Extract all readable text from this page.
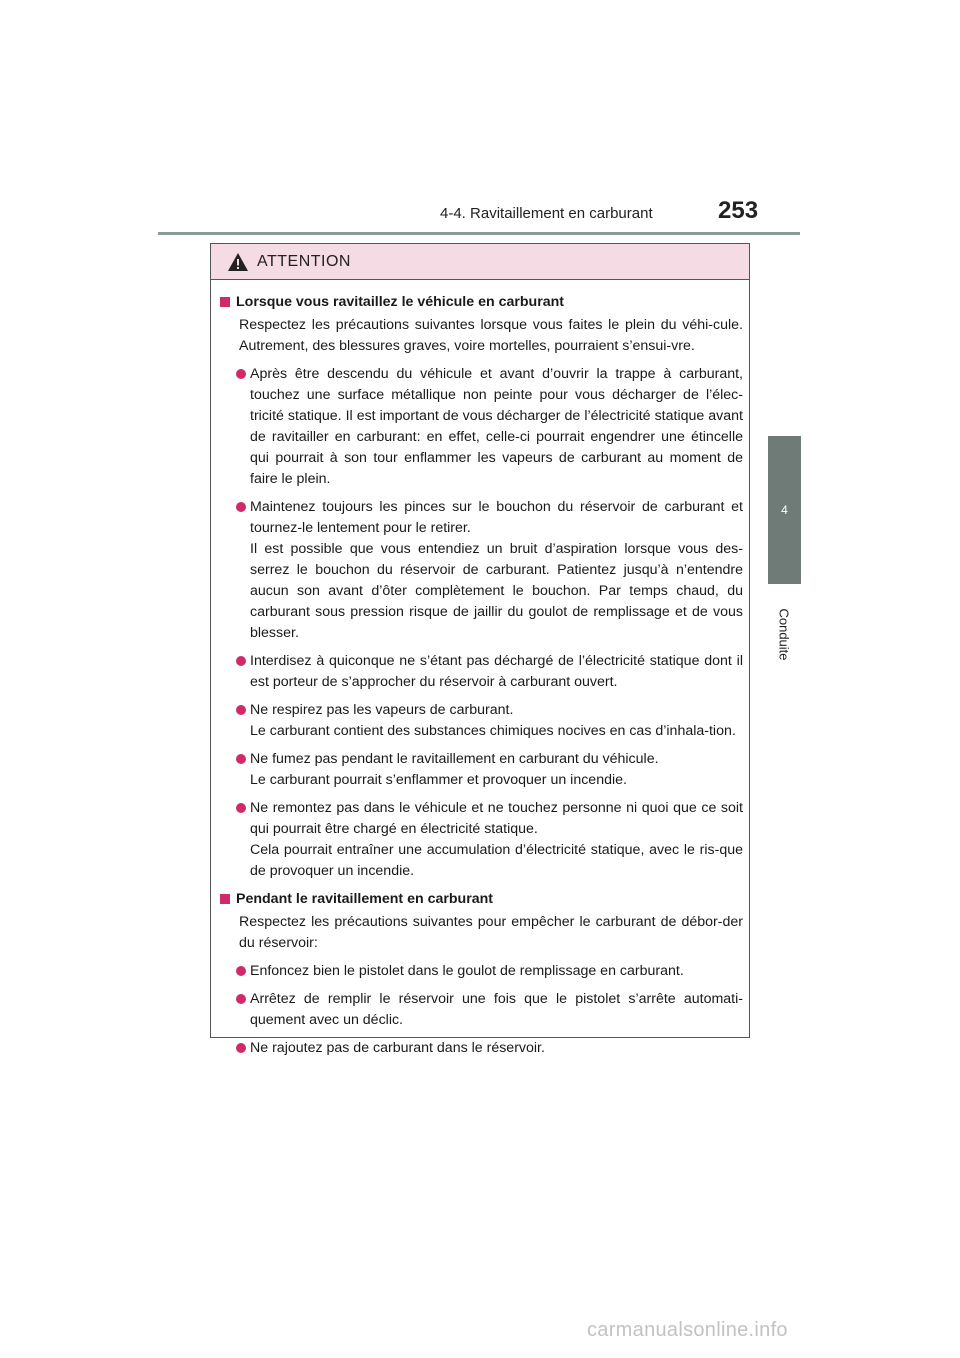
4-4. Ravitaillement en carburant	253
4
Conduite
ATTENTION
Lorsque vous ravitaillez le véhicule en carburant

Respectez les précautions suivantes lorsque vous faites le plein du véhi-cule. Autrement, des blessures graves, voire mortelles, pourraient s’ensui-vre.

Après être descendu du véhicule et avant d’ouvrir la trappe à carburant, touchez une surface métallique non peinte pour vous décharger de l’élec-tricité statique. Il est important de vous décharger de l’électricité statique avant de ravitailler en carburant: en effet, celle-ci pourrait engendrer une étincelle qui pourrait à son tour enflammer les vapeurs de carburant au moment de faire le plein.

Maintenez toujours les pinces sur le bouchon du réservoir de carburant et tournez-le lentement pour le retirer.

Il est possible que vous entendiez un bruit d’aspiration lorsque vous des-serrez le bouchon du réservoir de carburant. Patientez jusqu’à n’entendre aucun son avant d’ôter complètement le bouchon. Par temps chaud, du carburant sous pression risque de jaillir du goulot de remplissage et de vous blesser.

Interdisez à quiconque ne s’étant pas déchargé de l’électricité statique dont il est porteur de s’approcher du réservoir à carburant ouvert.

Ne respirez pas les vapeurs de carburant.

Le carburant contient des substances chimiques nocives en cas d’inhala-tion.

Ne fumez pas pendant le ravitaillement en carburant du véhicule.

Le carburant pourrait s’enflammer et provoquer un incendie.

Ne remontez pas dans le véhicule et ne touchez personne ni quoi que ce soit qui pourrait être chargé en électricité statique.

Cela pourrait entraîner une accumulation d’électricité statique, avec le ris-que de provoquer un incendie.

Pendant le ravitaillement en carburant

Respectez les précautions suivantes pour empêcher le carburant de débor-der du réservoir:

Enfoncez bien le pistolet dans le goulot de remplissage en carburant.

Arrêtez de remplir le réservoir une fois que le pistolet s’arrête automati-quement avec un déclic.

Ne rajoutez pas de carburant dans le réservoir.

carmanualsonline.info
